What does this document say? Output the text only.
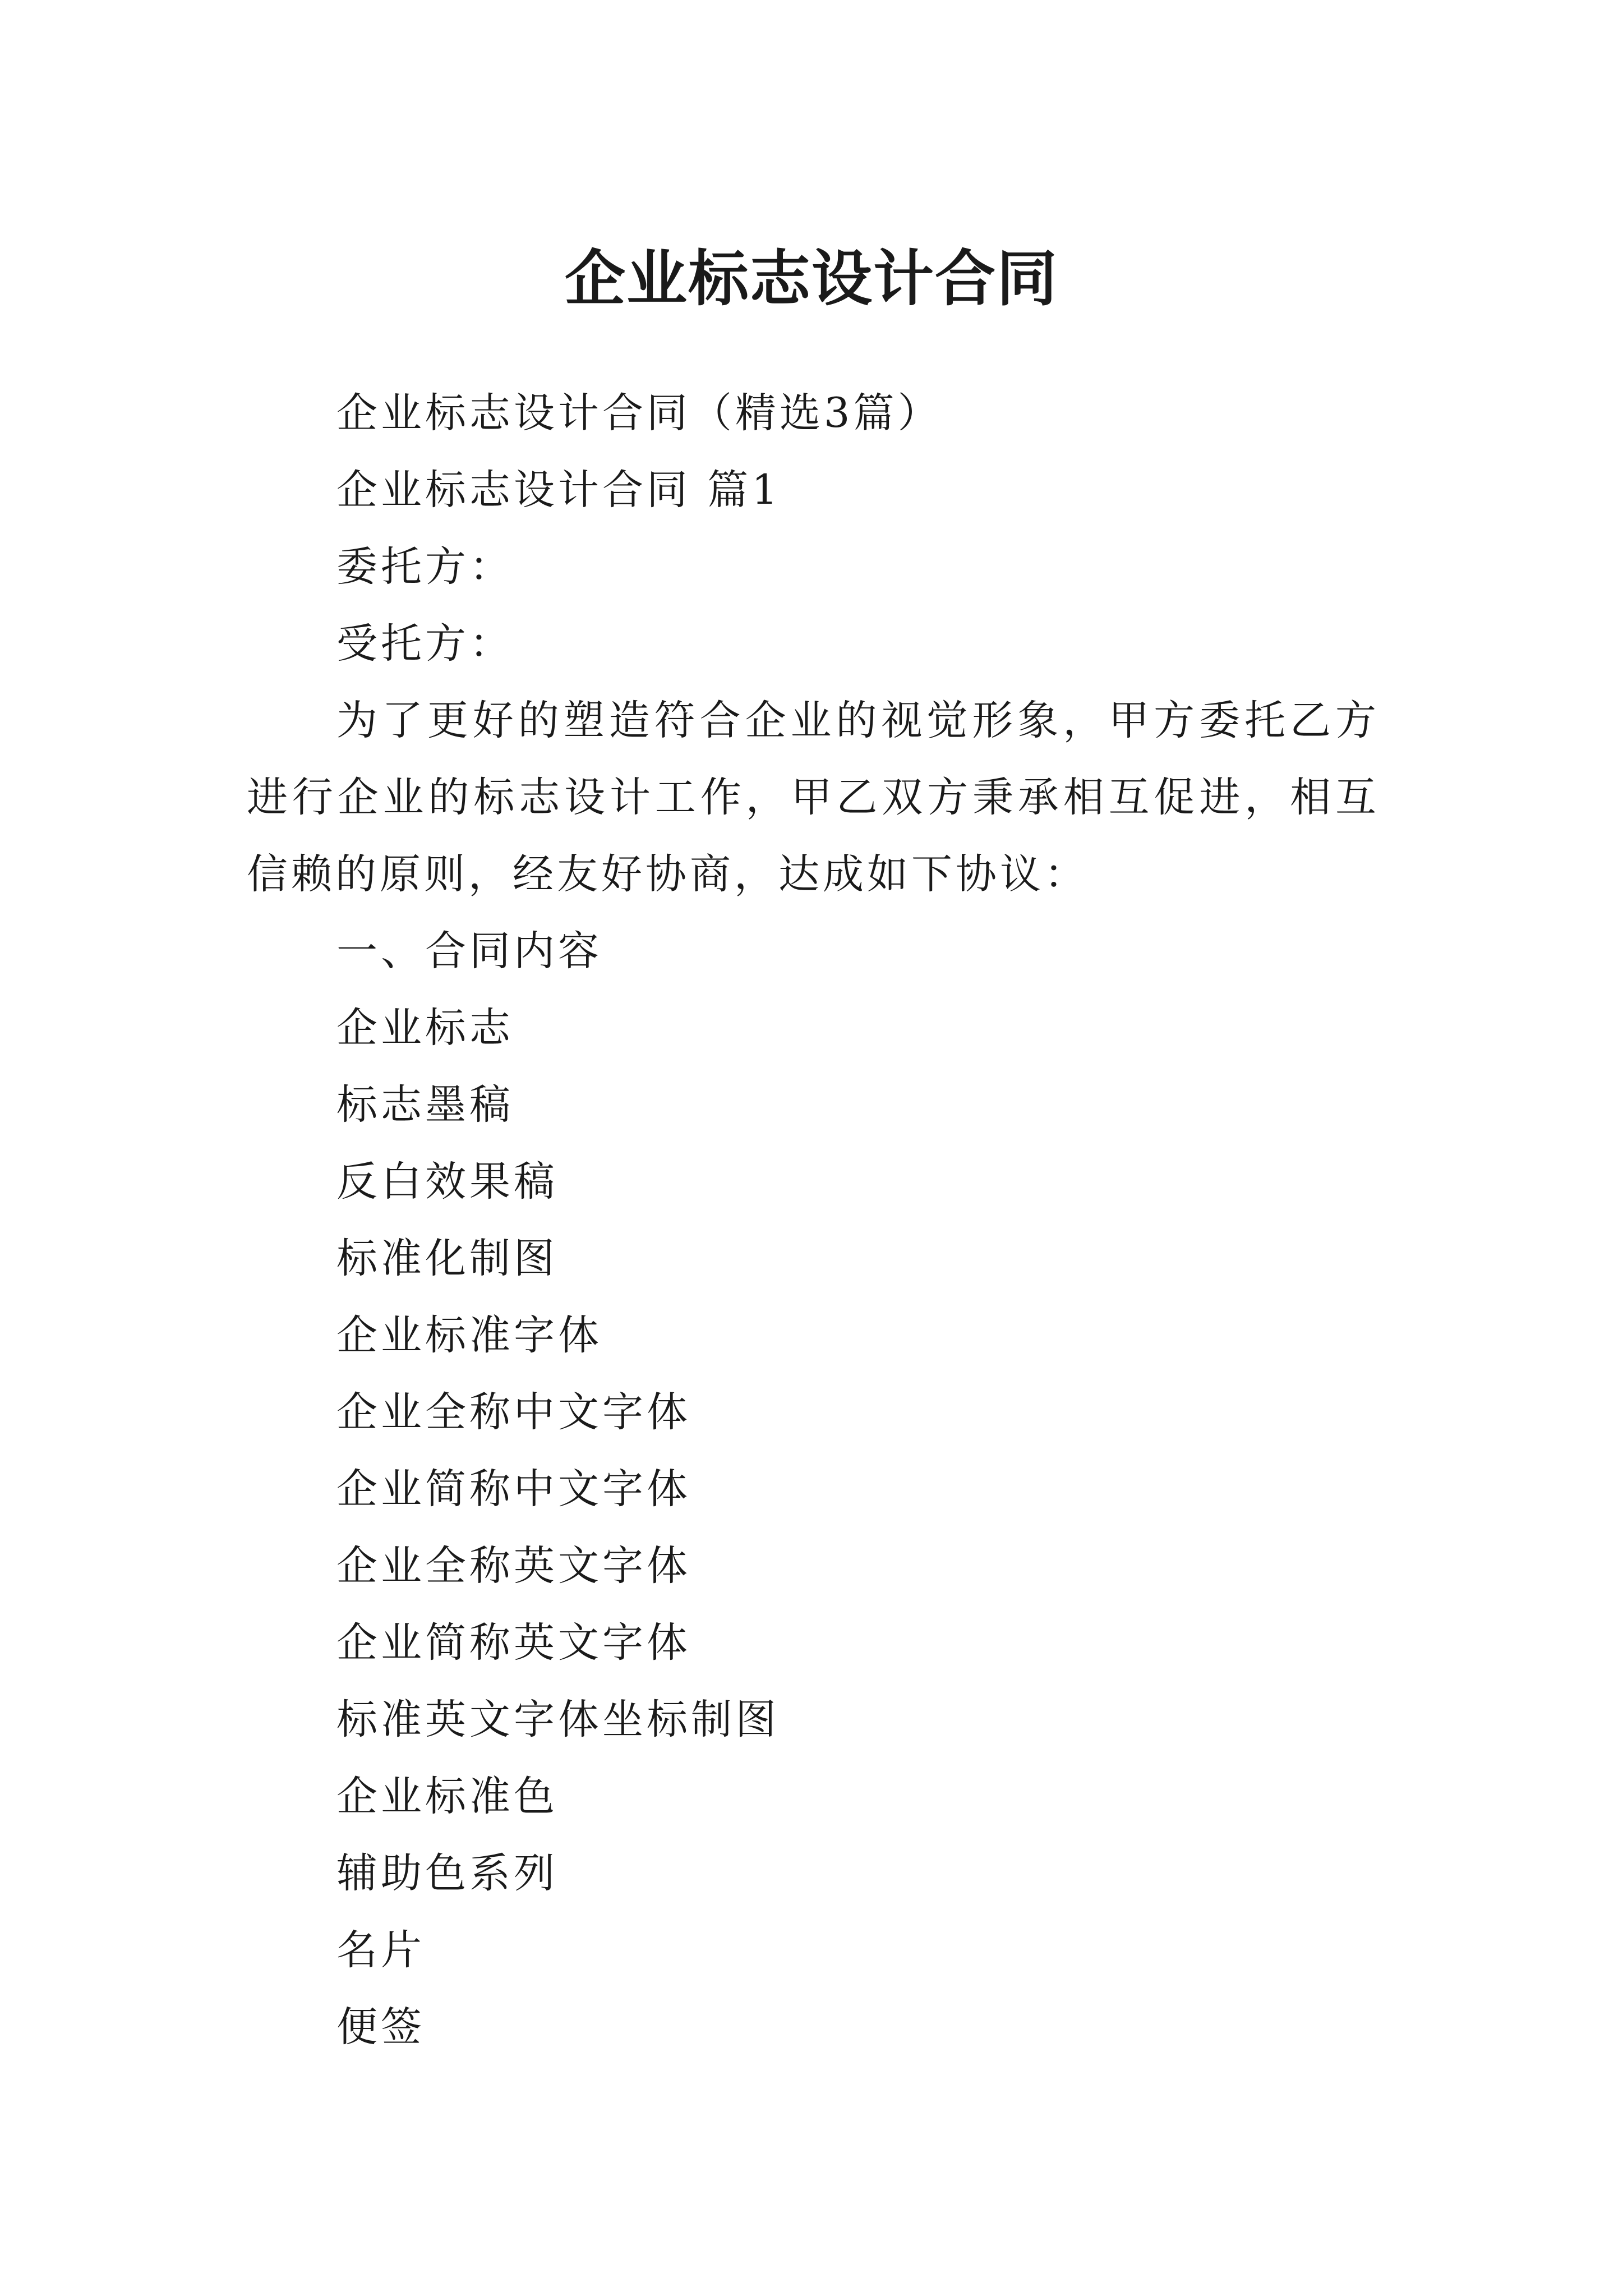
企业标志设计合同

企业标志设计合同（精选3篇）

企业标志设计合同 篇1

委托方：

受托方：

为了更好的塑造符合企业的视觉形象，甲方委托乙方进行企业的标志设计工作，甲乙双方秉承相互促进，相互信赖的原则，经友好协商，达成如下协议：

一、合同内容

企业标志

标志墨稿

反白效果稿

标准化制图

企业标准字体

企业全称中文字体

企业简称中文字体

企业全称英文字体

企业简称英文字体

标准英文字体坐标制图

企业标准色

辅助色系列

名片

便签
